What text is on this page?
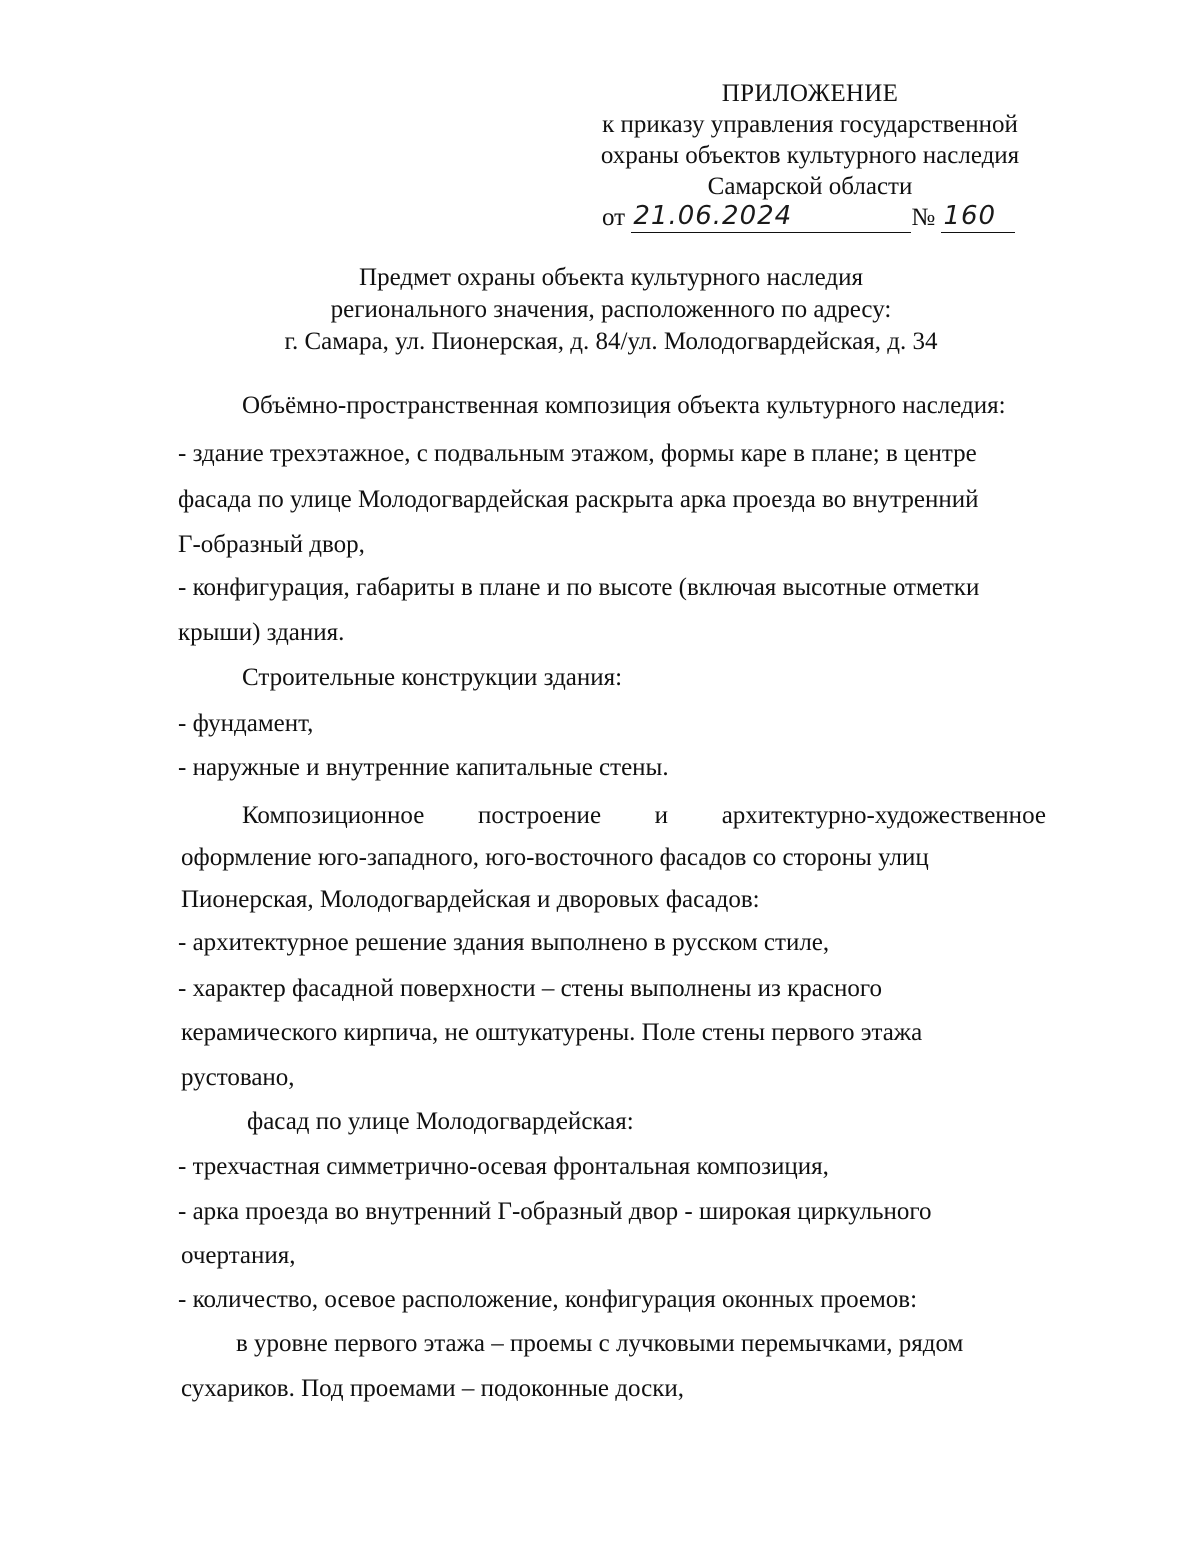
ПРИЛОЖЕНИЕ
к приказу управления государственной
охраны объектов культурного наследия
Самарской области
от 21.06.2024	№ 160
Предмет охраны объекта культурного наследия
регионального значения, расположенного по адресу:
г. Самара, ул. Пионерская, д. 84/ул. Молодогвардейская, д. 34
Объёмно-пространственная композиция объекта культурного наследия:
- здание трехэтажное, с подвальным этажом, формы каре в плане; в центре
фасада по улице Молодогвардейская раскрыта арка проезда во внутренний
Г-образный двор,
- конфигурация, габариты в плане и по высоте (включая высотные отметки
крыши) здания.
Строительные конструкции здания:
- фундамент,
- наружные и внутренние капитальные стены.
Композиционное построение и архитектурно-художественное
оформление юго-западного, юго-восточного фасадов со стороны улиц
Пионерская, Молодогвардейская и дворовых фасадов:
- архитектурное решение здания выполнено в русском стиле,
- характер фасадной поверхности – стены выполнены из красного
керамического кирпича, не оштукатурены. Поле стены первого этажа
рустовано,
фасад по улице Молодогвардейская:
- трехчастная симметрично-осевая фронтальная композиция,
- арка проезда во внутренний Г-образный двор - широкая циркульного
очертания,
- количество, осевое расположение, конфигурация оконных проемов:
в уровне первого этажа – проемы с лучковыми перемычками, рядом
сухариков. Под проемами – подоконные доски,
